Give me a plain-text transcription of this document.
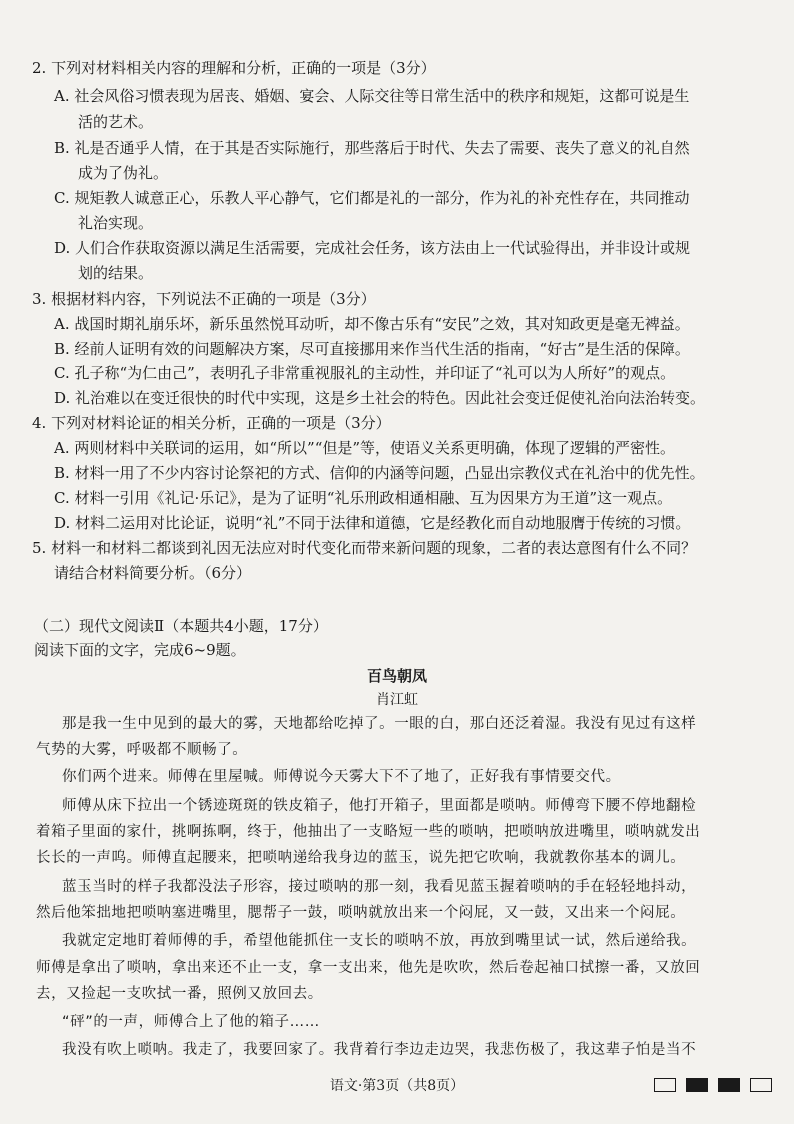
2. 下列对材料相关内容的理解和分析，正确的一项是（3分）
A. 社会风俗习惯表现为居丧、婚姻、宴会、人际交往等日常生活中的秩序和规矩，这都可说是生
活的艺术。
B. 礼是否通乎人情，在于其是否实际施行，那些落后于时代、失去了需要、丧失了意义的礼自然
成为了伪礼。
C. 规矩教人诚意正心，乐教人平心静气，它们都是礼的一部分，作为礼的补充性存在，共同推动
礼治实现。
D. 人们合作获取资源以满足生活需要，完成社会任务，该方法由上一代试验得出，并非设计或规
划的结果。
3. 根据材料内容，下列说法不正确的一项是（3分）
A. 战国时期礼崩乐坏，新乐虽然悦耳动听，却不像古乐有“安民”之效，其对知政更是毫无裨益。
B. 经前人证明有效的问题解决方案，尽可直接挪用来作当代生活的指南，“好古”是生活的保障。
C. 孔子称“为仁由己”，表明孔子非常重视服礼的主动性，并印证了“礼可以为人所好”的观点。
D. 礼治难以在变迁很快的时代中实现，这是乡土社会的特色。因此社会变迁促使礼治向法治转变。
4. 下列对材料论证的相关分析，正确的一项是（3分）
A. 两则材料中关联词的运用，如“所以”“但是”等，使语义关系更明确，体现了逻辑的严密性。
B. 材料一用了不少内容讨论祭祀的方式、信仰的内涵等问题，凸显出宗教仪式在礼治中的优先性。
C. 材料一引用《礼记·乐记》，是为了证明“礼乐刑政相通相融、互为因果方为王道”这一观点。
D. 材料二运用对比论证，说明“礼”不同于法律和道德，它是经教化而自动地服膺于传统的习惯。
5. 材料一和材料二都谈到礼因无法应对时代变化而带来新问题的现象，二者的表达意图有什么不同？
请结合材料简要分析。（6分）
（二）现代文阅读Ⅱ（本题共4小题，17分）
阅读下面的文字，完成6~9题。
百鸟朝凤
肖江虹
那是我一生中见到的最大的雾，天地都给吃掉了。一眼的白，那白还泛着湿。我没有见过有这样
气势的大雾，呼吸都不顺畅了。
你们两个进来。师傅在里屋喊。师傅说今天雾大下不了地了，正好我有事情要交代。
师傅从床下拉出一个锈迹斑斑的铁皮箱子，他打开箱子，里面都是唢呐。师傅弯下腰不停地翻检
着箱子里面的家什，挑啊拣啊，终于，他抽出了一支略短一些的唢呐，把唢呐放进嘴里，唢呐就发出
长长的一声呜。师傅直起腰来，把唢呐递给我身边的蓝玉，说先把它吹响，我就教你基本的调儿。
蓝玉当时的样子我都没法子形容，接过唢呐的那一刻，我看见蓝玉握着唢呐的手在轻轻地抖动，
然后他笨拙地把唢呐塞进嘴里，腮帮子一鼓，唢呐就放出来一个闷屁，又一鼓，又出来一个闷屁。
我就定定地盯着师傅的手，希望他能抓住一支长的唢呐不放，再放到嘴里试一试，然后递给我。
师傅是拿出了唢呐，拿出来还不止一支，拿一支出来，他先是吹吹，然后卷起袖口拭擦一番，又放回
去，又捡起一支吹拭一番，照例又放回去。
“砰”的一声，师傅合上了他的箱子……
我没有吹上唢呐。我走了，我要回家了。我背着行李边走边哭，我悲伤极了，我这辈子怕是当不
语文·第3页（共8页）
